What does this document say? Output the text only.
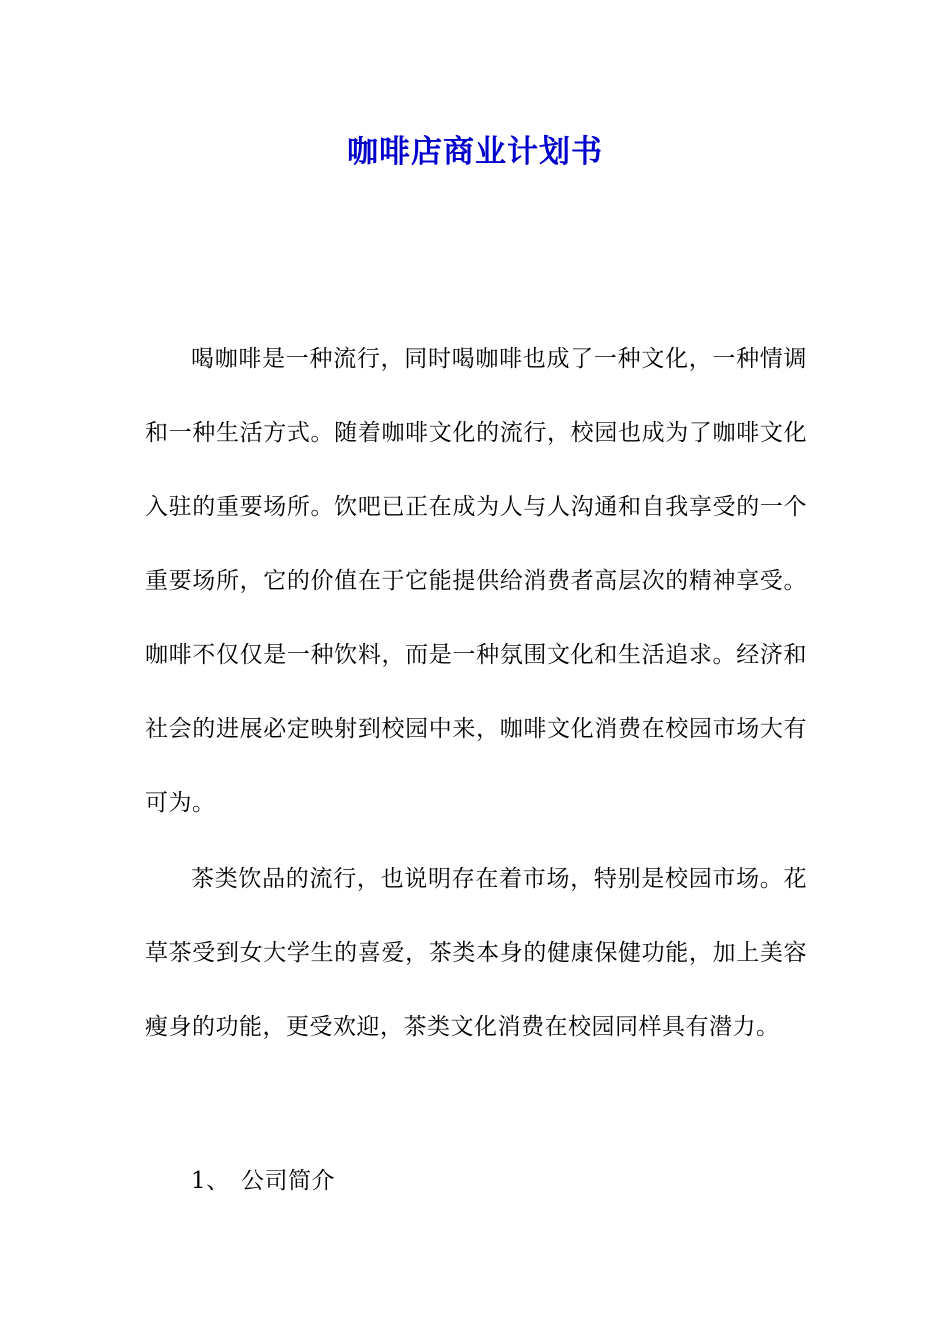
咖啡店商业计划书

喝咖啡是一种流行，同时喝咖啡也成了一种文化，一种情调和一种生活方式。随着咖啡文化的流行，校园也成为了咖啡文化入驻的重要场所。饮吧已正在成为人与人沟通和自我享受的一个重要场所，它的价值在于它能提供给消费者高层次的精神享受。咖啡不仅仅是一种饮料，而是一种氛围文化和生活追求。经济和社会的进展必定映射到校园中来，咖啡文化消费在校园市场大有可为。

茶类饮品的流行，也说明存在着市场，特别是校园市场。花草茶受到女大学生的喜爱，茶类本身的健康保健功能，加上美容瘦身的功能，更受欢迎，茶类文化消费在校园同样具有潜力。

1、 公司简介
